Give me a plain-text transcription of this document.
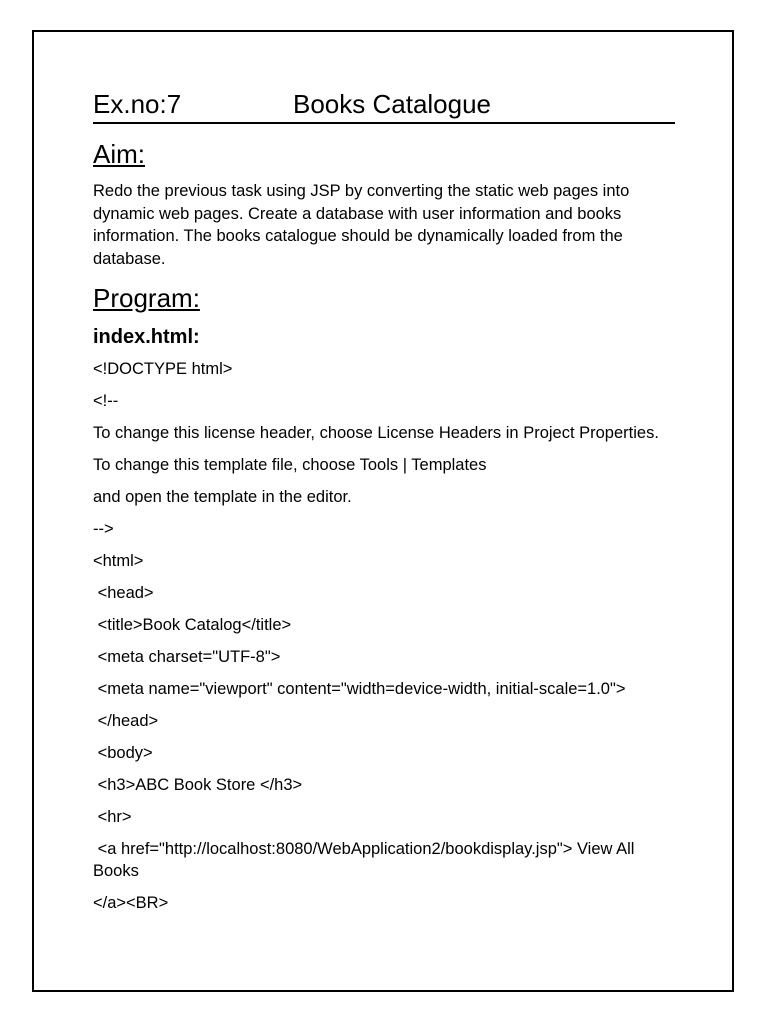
Ex.no:7	Books Catalogue
Aim:
Redo the previous task using JSP by converting the static web pages into dynamic web pages. Create a database with user information and books information. The books catalogue should be dynamically loaded from the database.
Program:
index.html:
<!DOCTYPE html>
<!--
To change this license header, choose License Headers in Project Properties.
To change this template file, choose Tools | Templates
and open the template in the editor.
-->
<html>
<head>
<title>Book Catalog</title>
<meta charset="UTF-8">
<meta name="viewport" content="width=device-width, initial-scale=1.0">
</head>
<body>
<h3>ABC Book Store </h3>
<hr>
<a href="http://localhost:8080/WebApplication2/bookdisplay.jsp"> View All Books
</a><BR>
